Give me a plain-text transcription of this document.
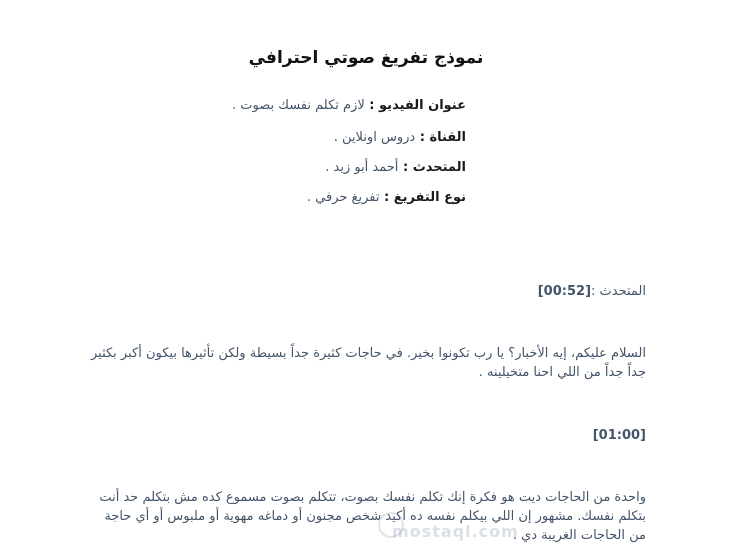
نموذج تفريغ صوتي احترافي
عنوان الفيديو : لازم تكلم نفسك بصوت .
القناة : دروس اونلاين .
المتحدث : أحمد أبو زيد .
نوع التفريغ : تفريغ حرفي .
المتحدث :[00:52]
السلام عليكم، إيه الأخبار؟ يا رب تكونوا بخير. في حاجات كثيرة جداً بسيطة ولكن تأثيرها بيكون أكبر بكثير جداً جداً من اللي احنا متخيلينه .
[01:00]
واحدة من الحاجات ديت هو فكرة إنك تكلم نفسك بصوت، تتكلم بصوت مسموع كده مش بتكلم حد أنت بتكلم نفسك. مشهور إن اللي بيكلم نفسه ده أكيد شخص مجنون أو دماغه مهوية أو ملبوس أو أي حاجة من الحاجات الغريبة دي .
mostaql.com
